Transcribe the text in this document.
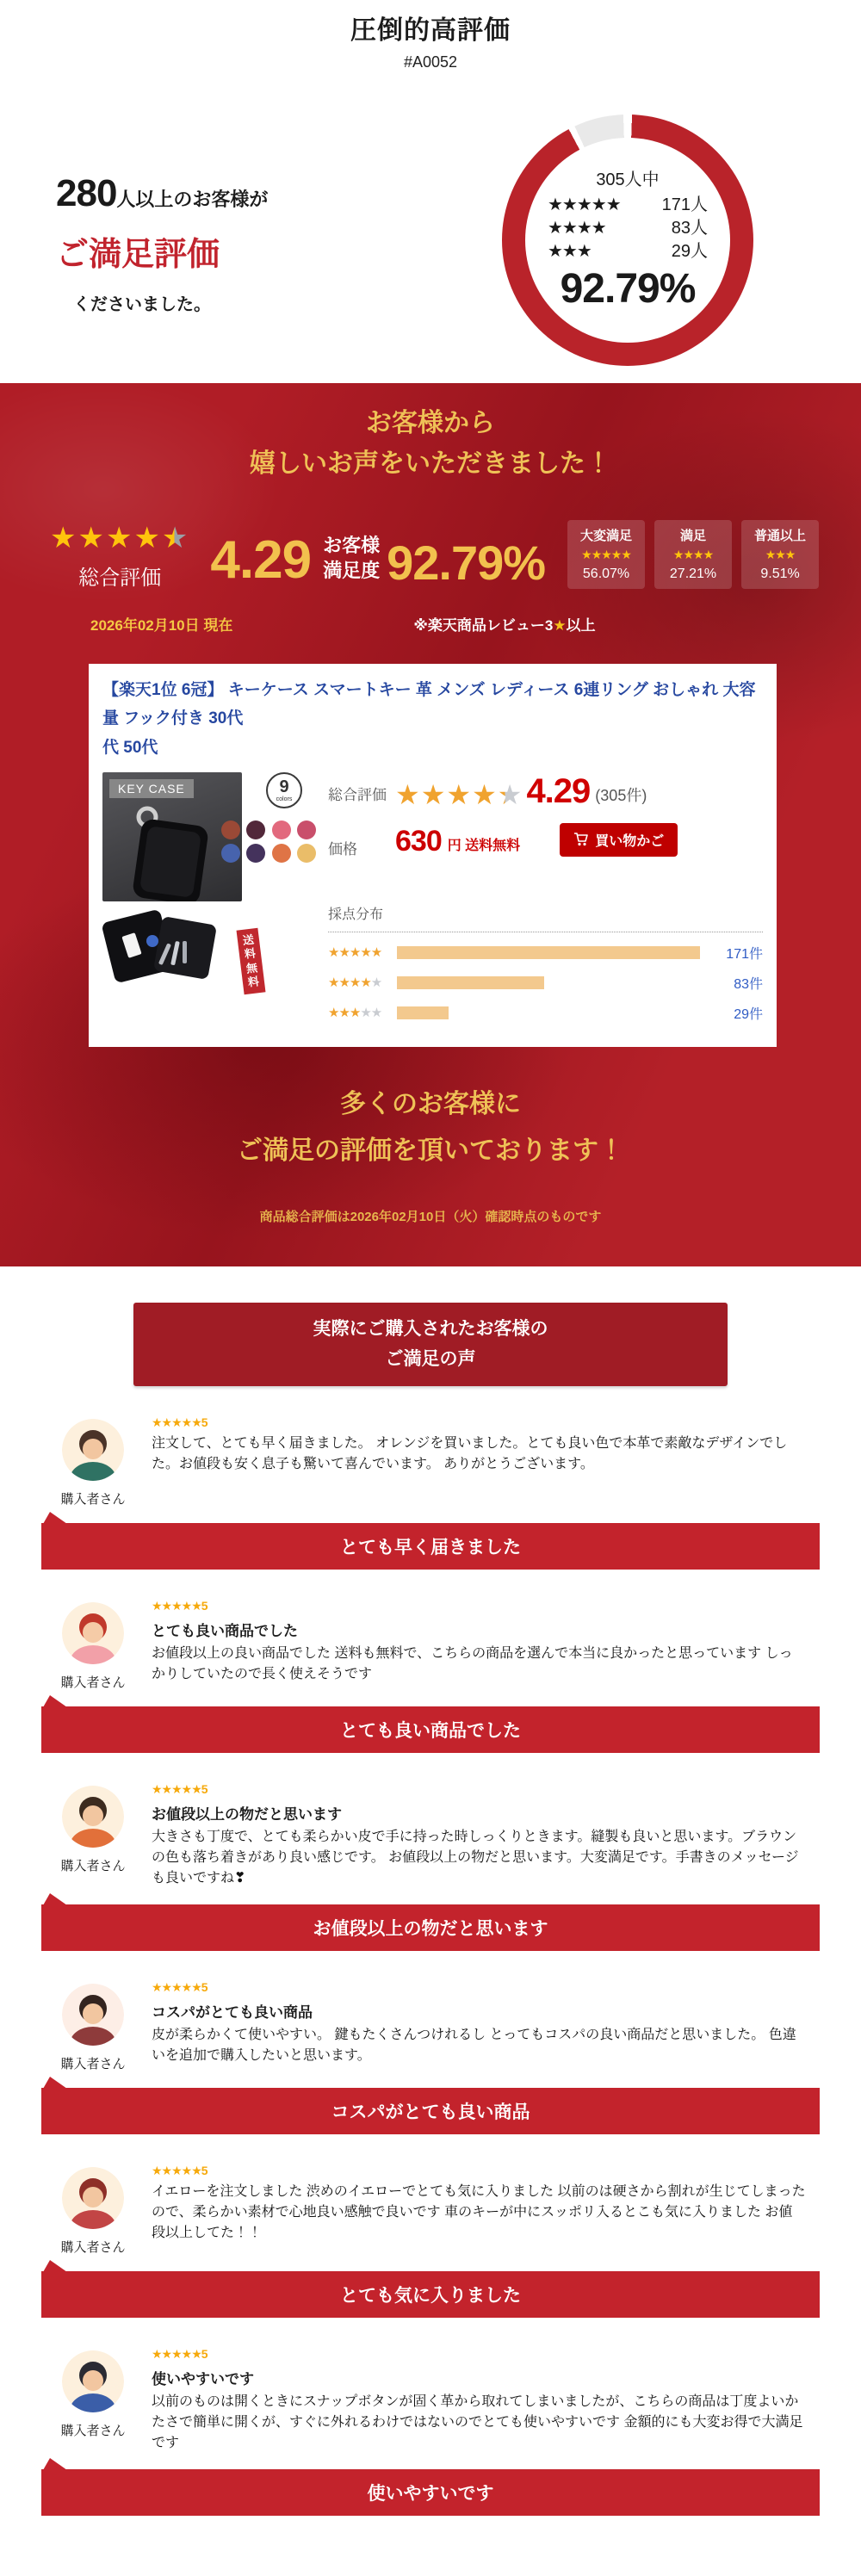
圧倒的高評価
#A0052
280人以上のお客様が
ご満足評価
くださいました。
305人中
★★★★★ 171人
★★★★	83人
★★★	29人
92.79%
お客様から
嬉しいお声をいただきました！
★★★★★
総合評価 4.29 お客様
満足度 92.79%	大変満足
★★★★★
56.07%
満足
★★★★
27.21%
普通以上
★★★
9.51%
2026年02月10日 現在	※楽天商品レビュー3★以上
【楽天1位 6冠】 キーケース スマートキー 革 メンズ レディース 6連リング おしゃれ 大容量 フック付き 30代
代 50代
KEY CASE	9
colors
送料
無料
総合評価 ★★★★★ 4.29 (305件)
価格	630 円 送料無料	買い物かご
採点分布
★★★★★	171件
★★★★★	83件
★★★★★	29件
多くのお客様に
ご満足の評価を頂いております！
商品総合評価は2026年02月10日（火）確認時点のものです
実際にご購入されたお客様の
ご満足の声
購入者さん
★★★★★5
注文して、とても早く届きました。 オレンジを買いました。とても良い色で本革で素敵なデザインでした。お値段も安く息子も驚いて喜んでいます。 ありがとうございます。
とても早く届きました
購入者さん
★★★★★5
とても良い商品でした
お値段以上の良い商品でした 送料も無料で、こちらの商品を選んで本当に良かったと思っています しっかりしていたので長く使えそうです
とても良い商品でした
購入者さん
★★★★★5
お値段以上の物だと思います
大きさも丁度で、とても柔らかい皮で手に持った時しっくりときます。縫製も良いと思います。ブラウンの色も落ち着きがあり良い感じです。 お値段以上の物だと思います。大変満足です。手書きのメッセージも良いですね❣
お値段以上の物だと思います
購入者さん
★★★★★5
コスパがとても良い商品
皮が柔らかくて使いやすい。 鍵もたくさんつけれるし とってもコスパの良い商品だと思いました。 色違いを追加で購入したいと思います。
コスパがとても良い商品
購入者さん
★★★★★5
イエローを注文しました 渋めのイエローでとても気に入りました 以前のは硬さから割れが生じてしまったので、柔らかい素材で心地良い感触で良いです 車のキーが中にスッポリ入るとこも気に入りました お値段以上してた！！
とても気に入りました
購入者さん
★★★★★5
使いやすいです
以前のものは開くときにスナップボタンが固く革から取れてしまいましたが、こちらの商品は丁度よいかたさで簡単に開くが、すぐに外れるわけではないのでとても使いやすいです 金額的にも大変お得で大満足です
使いやすいです
